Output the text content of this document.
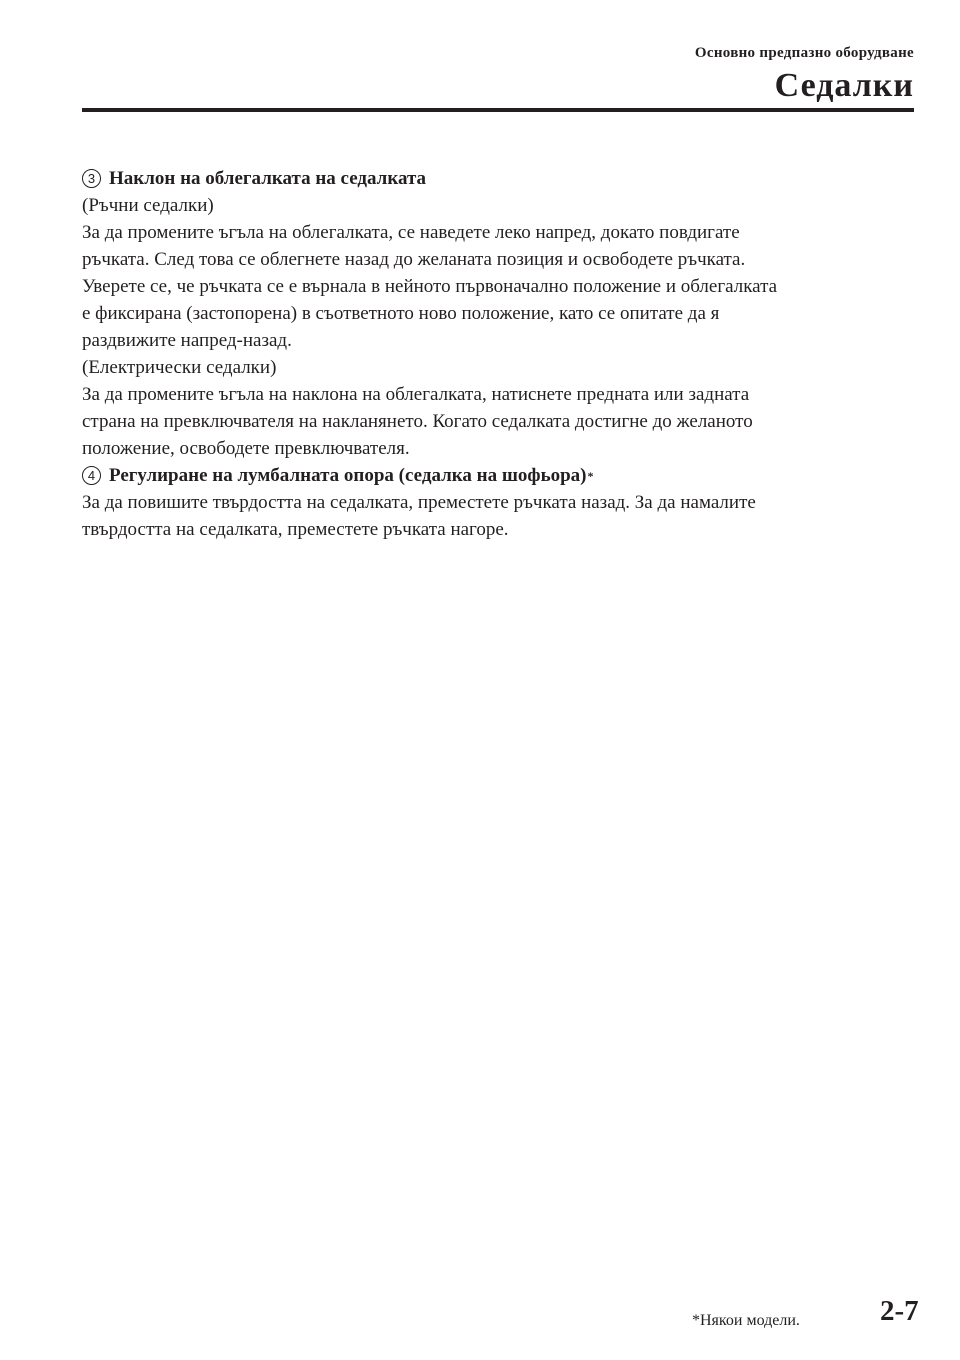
Основно предпазно оборудване
Седалки
3 Наклон на облегалката на седалката

(Ръчни седалки)

За да промените ъгъла на облегалката, се наведете леко напред, докато повдигате

ръчката. След това се облегнете назад до желаната позиция и освободете ръчката.

Уверете се, че ръчката се е върнала в нейното първоначално положение и облегалката

е фиксирана (застопорена) в съответното ново положение, като се опитате да я

раздвижите напред-назад.

(Електрически седалки)

За да промените ъгъла на наклона на облегалката, натиснете предната или задната

страна на превключвателя на накланянето. Когато седалката достигне до желаното

положение, освободете превключвателя.

4 Регулиране на лумбалната опора (седалка на шофьора) *

За да повишите твърдостта на седалката, преместете ръчката назад. За да намалите

твърдостта на седалката, преместете ръчката нагоре.

*Някои модели.	2-7
